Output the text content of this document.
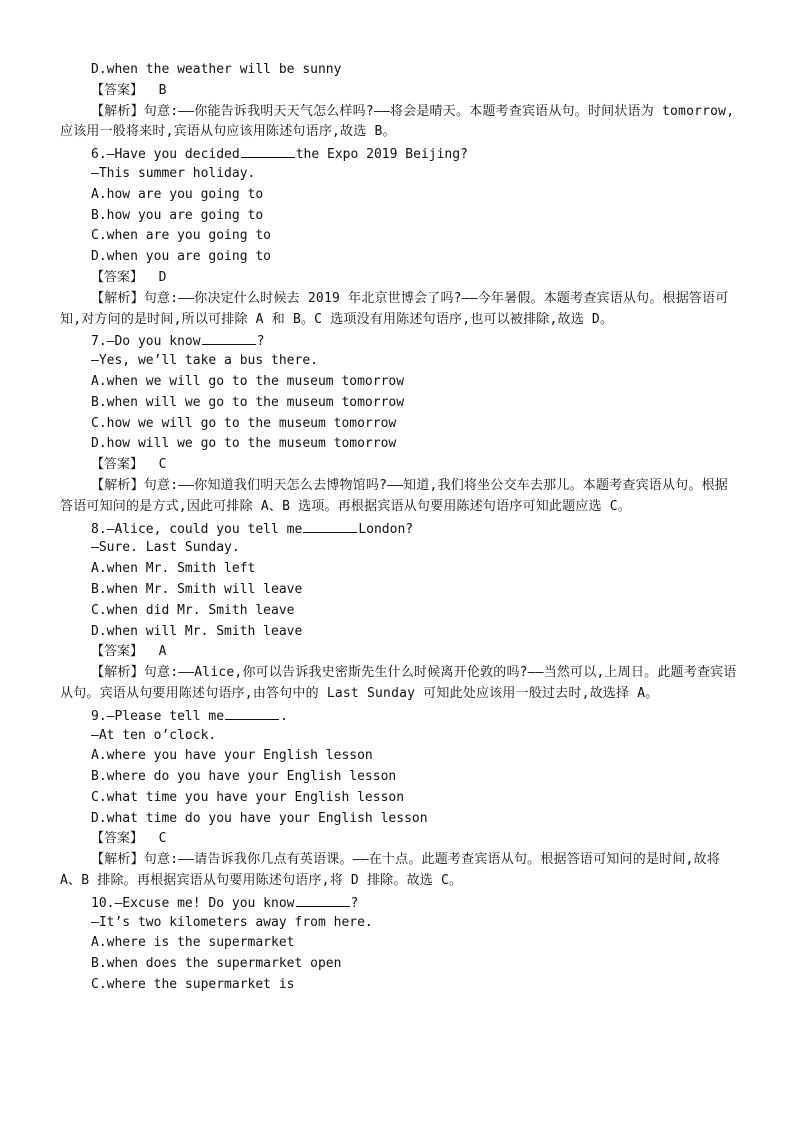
D.when the weather will be sunny
【答案】 B
【解析】句意:——你能告诉我明天天气怎么样吗?——将会是晴天。本题考查宾语从句。时间状语为 tomorrow,应该用一般将来时,宾语从句应该用陈述句语序,故选 B。
6.—Have you decided	the Expo 2019 Beijing?
—This summer holiday.
A.how are you going to
B.how you are going to
C.when are you going to
D.when you are going to
【答案】 D
【解析】句意:——你决定什么时候去 2019 年北京世博会了吗?——今年暑假。本题考查宾语从句。根据答语可知,对方问的是时间,所以可排除 A 和 B。C 选项没有用陈述句语序,也可以被排除,故选 D。
7.—Do you know	?
—Yes, we’ll take a bus there.
A.when we will go to the museum tomorrow
B.when will we go to the museum tomorrow
C.how we will go to the museum tomorrow
D.how will we go to the museum tomorrow
【答案】 C
【解析】句意:——你知道我们明天怎么去博物馆吗?——知道,我们将坐公交车去那儿。本题考查宾语从句。根据答语可知问的是方式,因此可排除 A、B 选项。再根据宾语从句要用陈述句语序可知此题应选 C。
8.—Alice, could you tell me	London?
—Sure. Last Sunday.
A.when Mr. Smith left
B.when Mr. Smith will leave
C.when did Mr. Smith leave
D.when will Mr. Smith leave
【答案】 A
【解析】句意:——Alice,你可以告诉我史密斯先生什么时候离开伦敦的吗?——当然可以,上周日。此题考查宾语从句。宾语从句要用陈述句语序,由答句中的 Last Sunday 可知此处应该用一般过去时,故选择 A。
9.—Please tell me	.
—At ten o’clock.
A.where you have your English lesson
B.where do you have your English lesson
C.what time you have your English lesson
D.what time do you have your English lesson
【答案】 C
【解析】句意:——请告诉我你几点有英语课。——在十点。此题考查宾语从句。根据答语可知问的是时间,故将 A、B 排除。再根据宾语从句要用陈述句语序,将 D 排除。故选 C。
10.—Excuse me! Do you know	?
—It’s two kilometers away from here.
A.where is the supermarket
B.when does the supermarket open
C.where the supermarket is
